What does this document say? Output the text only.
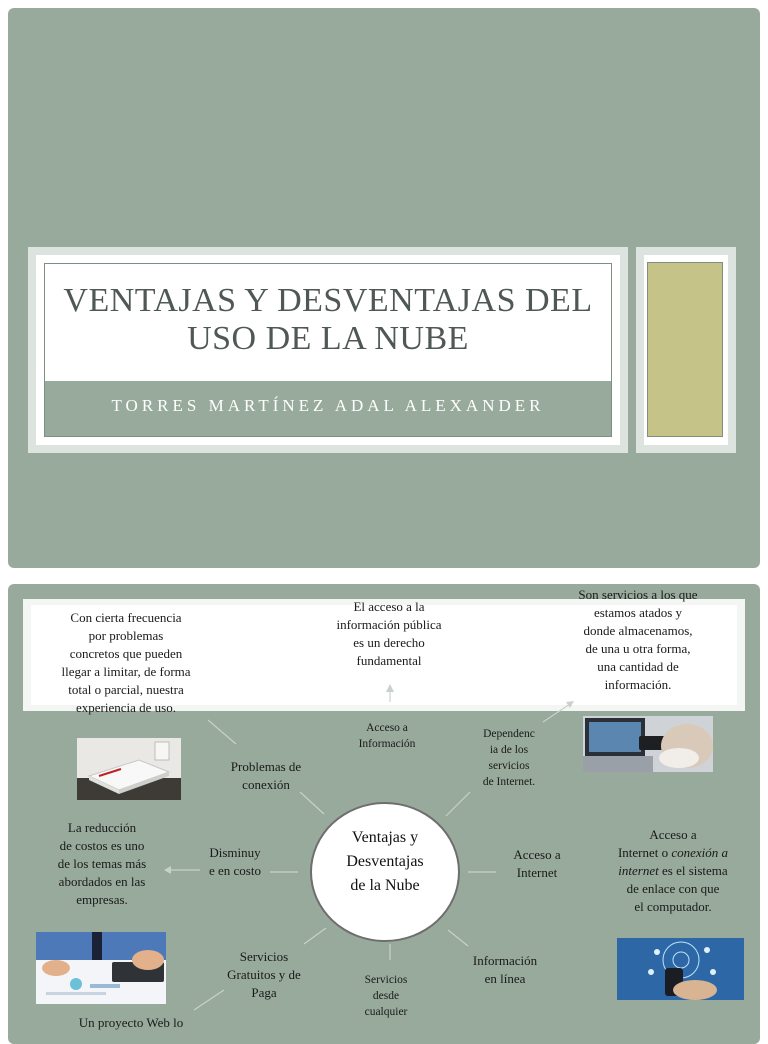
VENTAJAS Y DESVENTAJAS DEL
USO DE LA NUBE
TORRES MARTÍNEZ ADAL ALEXANDER
Con cierta frecuencia
por problemas
concretos que pueden
llegar a limitar, de forma
total o parcial, nuestra
experiencia de uso.
El acceso a la
información pública
es un derecho
fundamental
Son servicios a los que
estamos atados y
donde almacenamos,
de una u otra forma,
una cantidad de
información.
Acceso a
Información
Dependenc
ia de los
servicios
de Internet.
Problemas de
conexión
Disminuy
e en costo
Acceso a
Internet
Servicios
Gratuitos y de
Paga
Servicios
desde
cualquier
Información
en línea
La reducción
de costos es uno
de los temas más
abordados en las
empresas.
Acceso a
Internet o conexión a
internet es el sistema
de enlace con que
el computador.
Un proyecto Web lo
Ventajas y
Desventajas
de la Nube
